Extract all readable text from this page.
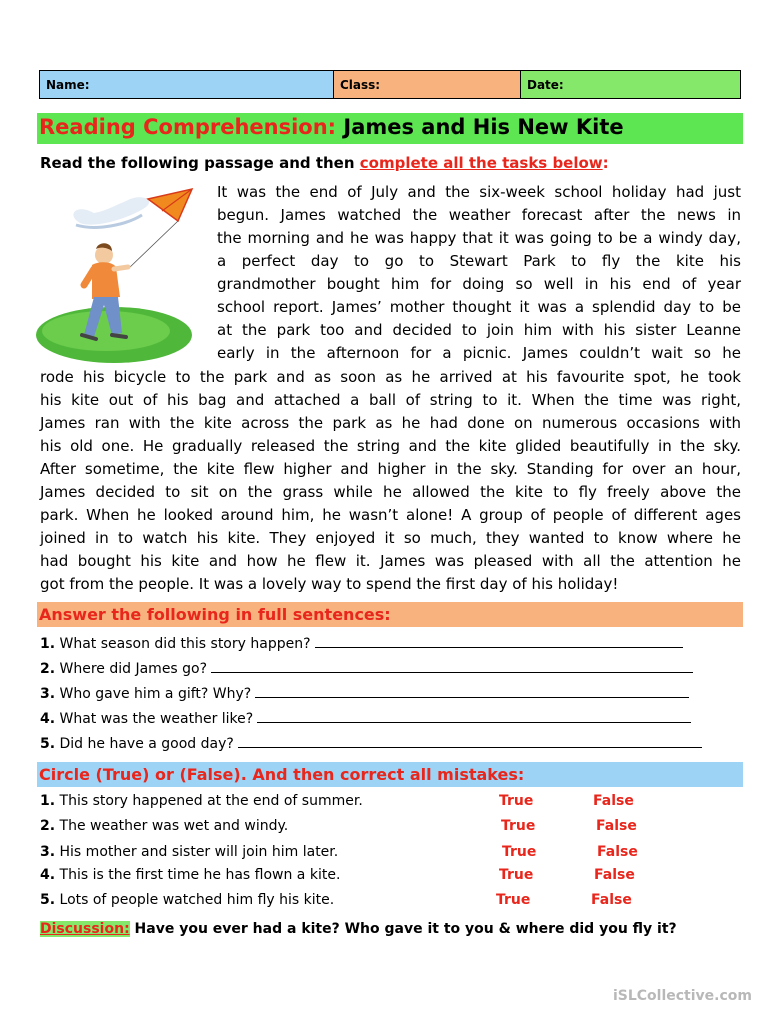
Name:	Class:	Date:
Reading Comprehension: James and His New Kite
Read the following passage and then complete all the tasks below:
It was the end of July and the six-week school holiday had just
begun. James watched the weather forecast after the news in
the morning and he was happy that it was going to be a windy day,
a perfect day to go to Stewart Park to fly the kite his
grandmother bought him for doing so well in his end of year
school report. James’ mother thought it was a splendid day to be
at the park too and decided to join him with his sister Leanne
early in the afternoon for a picnic. James couldn’t wait so he
rode his bicycle to the park and as soon as he arrived at his favourite spot, he took
his kite out of his bag and attached a ball of string to it. When the time was right,
James ran with the kite across the park as he had done on numerous occasions with
his old one. He gradually released the string and the kite glided beautifully in the sky.
After sometime, the kite flew higher and higher in the sky. Standing for over an hour,
James decided to sit on the grass while he allowed the kite to fly freely above the
park. When he looked around him, he wasn’t alone! A group of people of different ages
joined in to watch his kite. They enjoyed it so much, they wanted to know where he
had bought his kite and how he flew it. James was pleased with all the attention he
got from the people. It was a lovely way to spend the first day of his holiday!
Answer the following in full sentences:
1. What season did this story happen?
2. Where did James go?
3. Who gave him a gift? Why?
4. What was the weather like?
5. Did he have a good day?
Circle (True) or (False). And then correct all mistakes:
1. This story happened at the end of summer.	True	False
2. The weather was wet and windy.	True	False
3. His mother and sister will join him later.	True	False
4. This is the first time he has flown a kite.	True	False
5. Lots of people watched him fly his kite.	True	False
Discussion: Have you ever had a kite? Who gave it to you & where did you fly it?
iSLCollective.com
